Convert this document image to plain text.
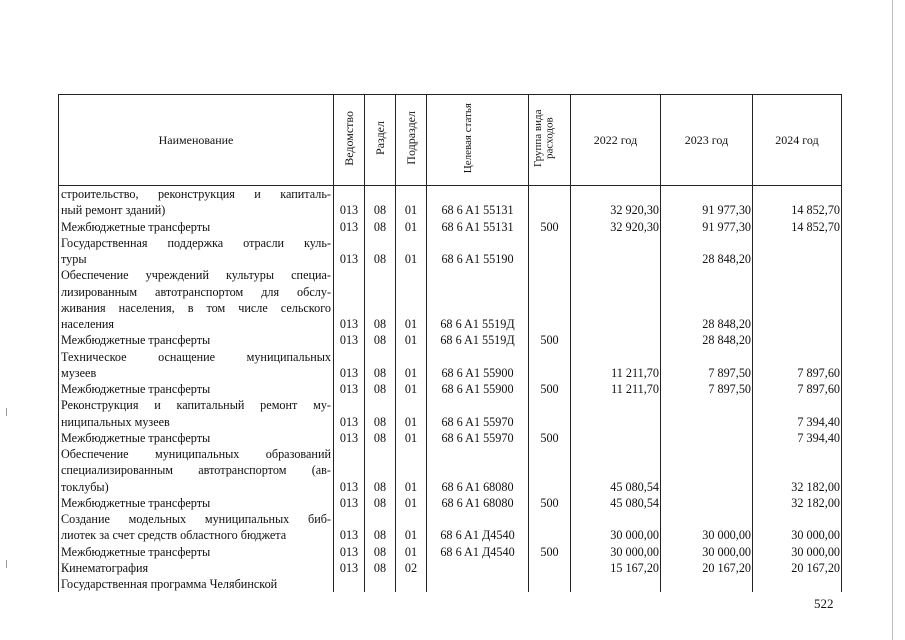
Наименование	Ведомство	Раздел	Подраздел	Целевая статья	Группа вида расходов	2022 год	2023 год	2024 год
строительство, реконструкция и капиталь-								
ный ремонт зданий)	013	08	01	68 6 A1 55131		32 920,30	91 977,30	14 852,70
Межбюджетные трансферты	013	08	01	68 6 A1 55131	500	32 920,30	91 977,30	14 852,70
Государственная поддержка отрасли куль-								
туры	013	08	01	68 6 A1 55190			28 848,20	
Обеспечение учреждений культуры специа-								
лизированным автотранспортом для обслу-								
живания населения, в том числе сельского								
населения	013	08	01	68 6 A1 5519Д			28 848,20	
Межбюджетные трансферты	013	08	01	68 6 A1 5519Д	500		28 848,20	
Техническое оснащение муниципальных								
музеев	013	08	01	68 6 A1 55900		11 211,70	7 897,50	7 897,60
Межбюджетные трансферты	013	08	01	68 6 A1 55900	500	11 211,70	7 897,50	7 897,60
Реконструкция и капитальный ремонт му-								
ниципальных музеев	013	08	01	68 6 A1 55970				7 394,40
Межбюджетные трансферты	013	08	01	68 6 A1 55970	500			7 394,40
Обеспечение муниципальных образований								
специализированным автотранспортом (ав-								
токлубы)	013	08	01	68 6 A1 68080		45 080,54		32 182,00
Межбюджетные трансферты	013	08	01	68 6 A1 68080	500	45 080,54		32 182,00
Создание модельных муниципальных биб-								
лиотек за счет средств областного бюджета	013	08	01	68 6 A1 Д4540		30 000,00	30 000,00	30 000,00
Межбюджетные трансферты	013	08	01	68 6 A1 Д4540	500	30 000,00	30 000,00	30 000,00
Кинематография	013	08	02			15 167,20	20 167,20	20 167,20
Государственная программа Челябинской								
522
